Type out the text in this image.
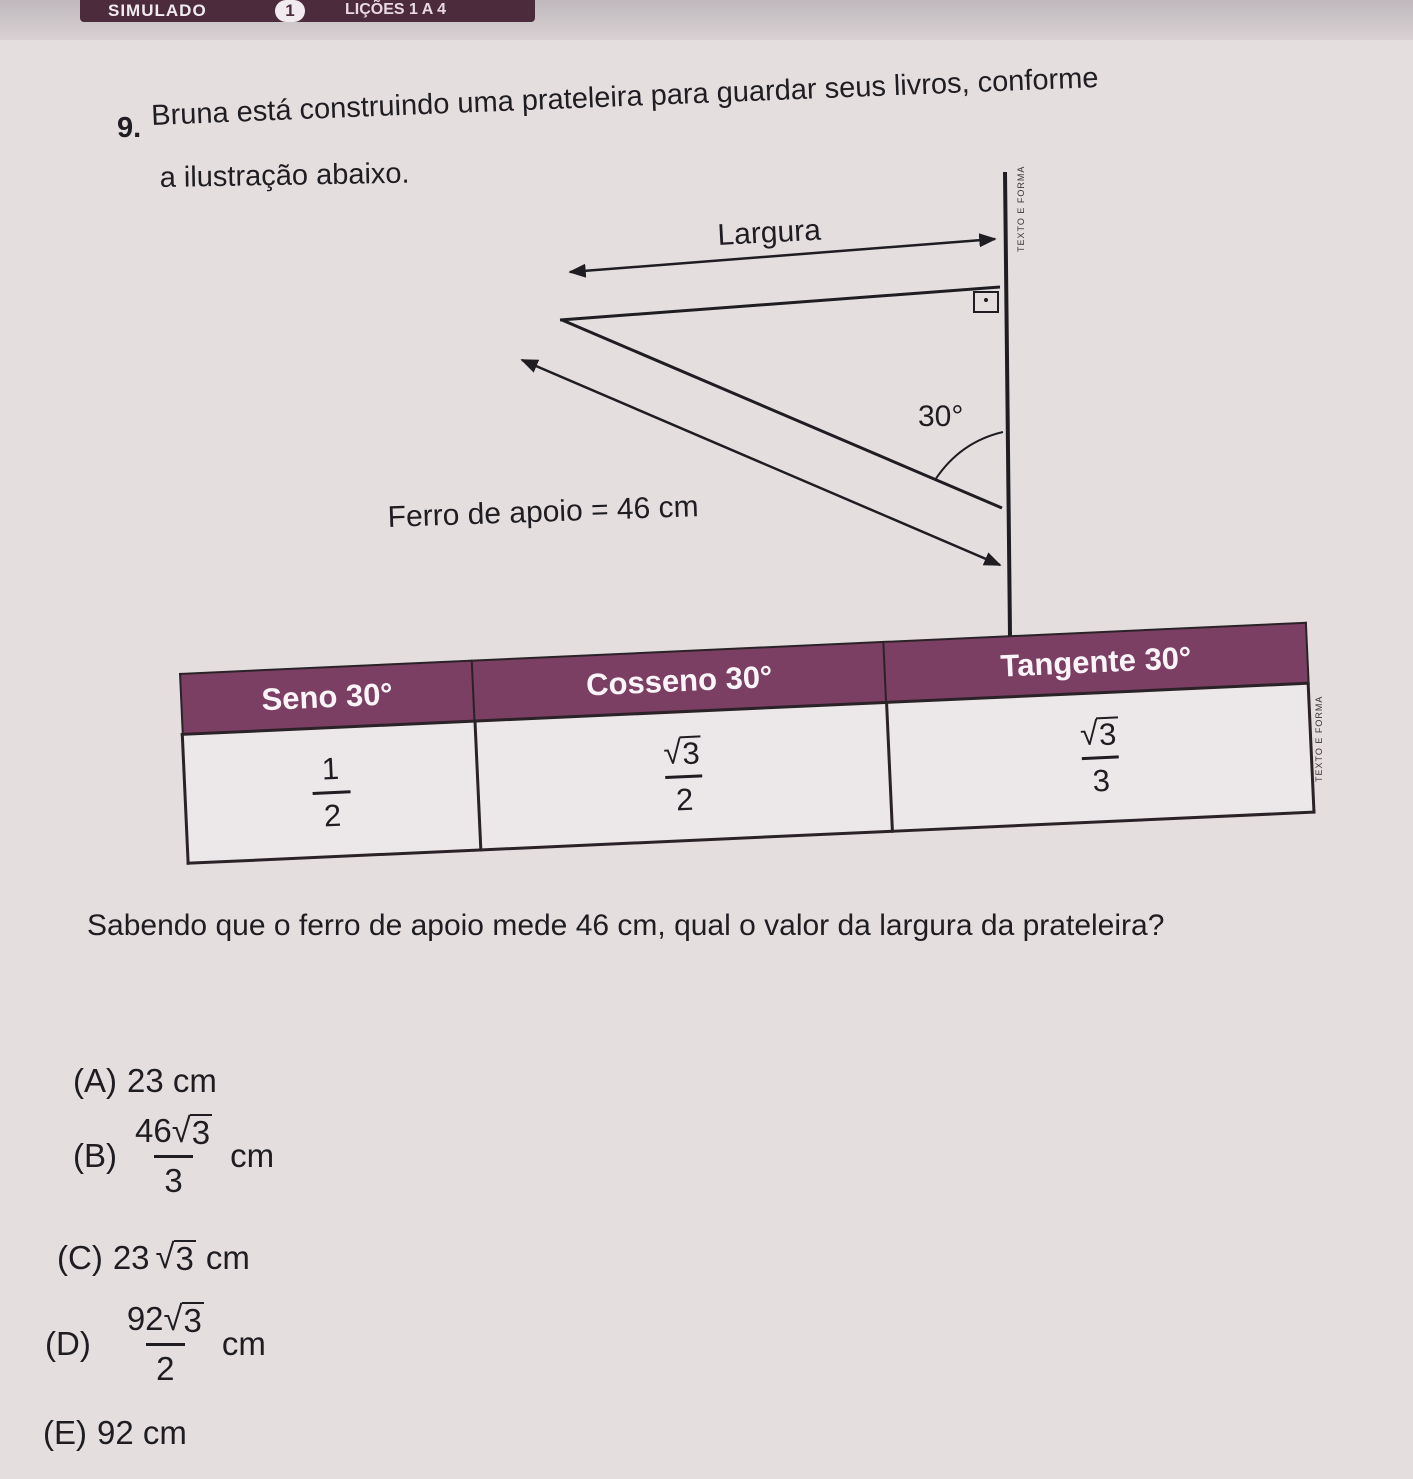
SIMULADO	1	LIÇÕES 1 A 4
9. Bruna está construindo uma prateleira para guardar seus livros, conforme
a ilustração abaixo.
Largura
30°
Ferro de apoio = 46 cm
TEXTO E FORMA
Seno 30°	Cosseno 30°	Tangente 30°

$\frac{1}{2}$	$\frac{√ 3}{2}$	$\frac{√ 3}{3}$	TEXTO E FORMA
Sabendo que o ferro de apoio mede 46 cm, qual o valor da largura da prateleira?
(A) 23 cm
$(B) \frac{46 √ 3}{3}$ cm
(C) 23 √ 3 cm
$(D) \frac{92 √ 3}{2}$ cm
(E) 92 cm
